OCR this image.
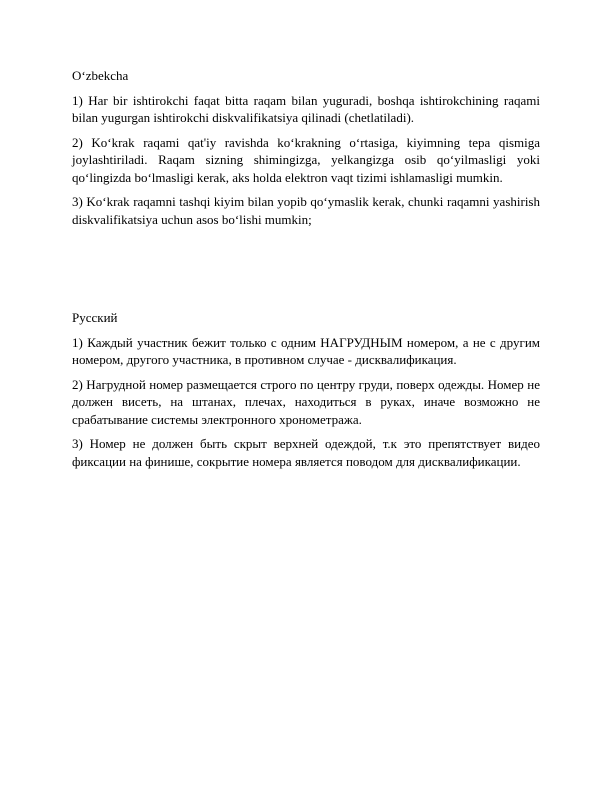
O‘zbekcha

1) Har bir ishtirokchi faqat bitta raqam bilan yuguradi, boshqa ishtirokchining raqami bilan yugurgan ishtirokchi diskvalifikatsiya qilinadi (chetlatiladi).

2) Ko‘krak raqami qat'iy ravishda ko‘krakning o‘rtasiga, kiyimning tepa qismiga joylashtiriladi. Raqam sizning shimingizga, yelkangizga osib qo‘yilmasligi yoki qo‘lingizda bo‘lmasligi kerak, aks holda elektron vaqt tizimi ishlamasligi mumkin.

3) Ko‘krak raqamni tashqi kiyim bilan yopib qo‘ymaslik kerak, chunki raqamni yashirish diskvalifikatsiya uchun asos bo‘lishi mumkin;

Русский

1) Каждый участник бежит только с одним НАГРУДНЫМ номером, а не с другим номером, другого участника, в противном случае - дисквалификация.

2) Нагрудной номер размещается строго по центру груди, поверх одежды. Номер не должен висеть, на штанах, плечах, находиться в руках, иначе возможно не срабатывание системы электронного хронометража.

3) Номер не должен быть скрыт верхней одеждой, т.к это препятствует видео фиксации на финише, сокрытие номера является поводом для дисквалификации.
